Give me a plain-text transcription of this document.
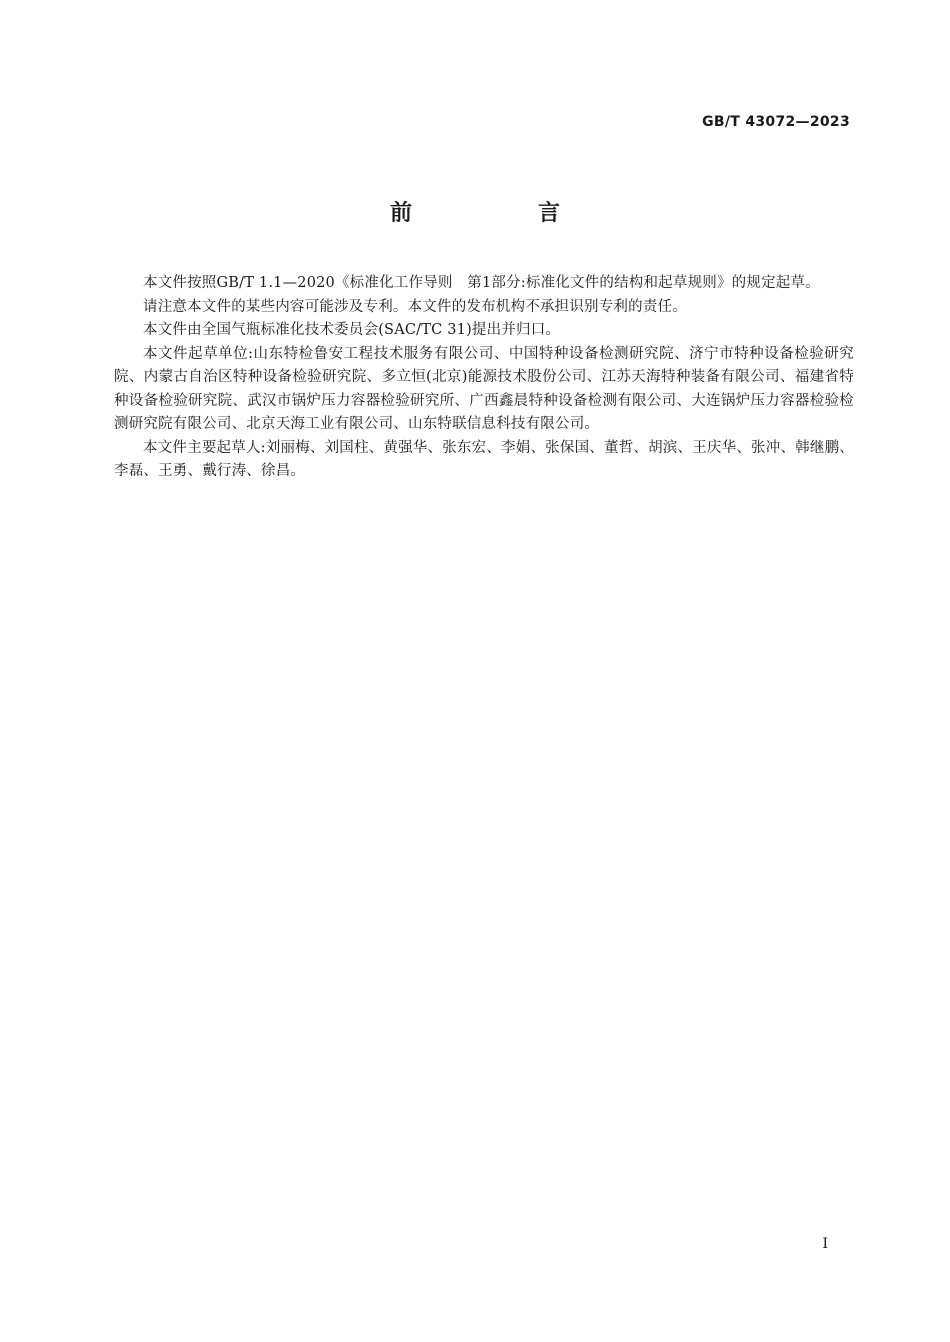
GB/T 43072—2023
前　言

本文件按照GB/T 1.1—2020《标准化工作导则　第1部分:标准化文件的结构和起草规则》的规定起草。

请注意本文件的某些内容可能涉及专利。本文件的发布机构不承担识别专利的责任。

本文件由全国气瓶标准化技术委员会(SAC/TC 31)提出并归口。

本文件起草单位:山东特检鲁安工程技术服务有限公司、中国特种设备检测研究院、济宁市特种设备检验研究院、内蒙古自治区特种设备检验研究院、多立恒(北京)能源技术股份公司、江苏天海特种装备有限公司、福建省特种设备检验研究院、武汉市锅炉压力容器检验研究所、广西鑫晨特种设备检测有限公司、大连锅炉压力容器检验检测研究院有限公司、北京天海工业有限公司、山东特联信息科技有限公司。

本文件主要起草人:刘丽梅、刘国柱、黄强华、张东宏、李娟、张保国、董哲、胡滨、王庆华、张冲、韩继鹏、李磊、王勇、戴行涛、徐昌。

I
